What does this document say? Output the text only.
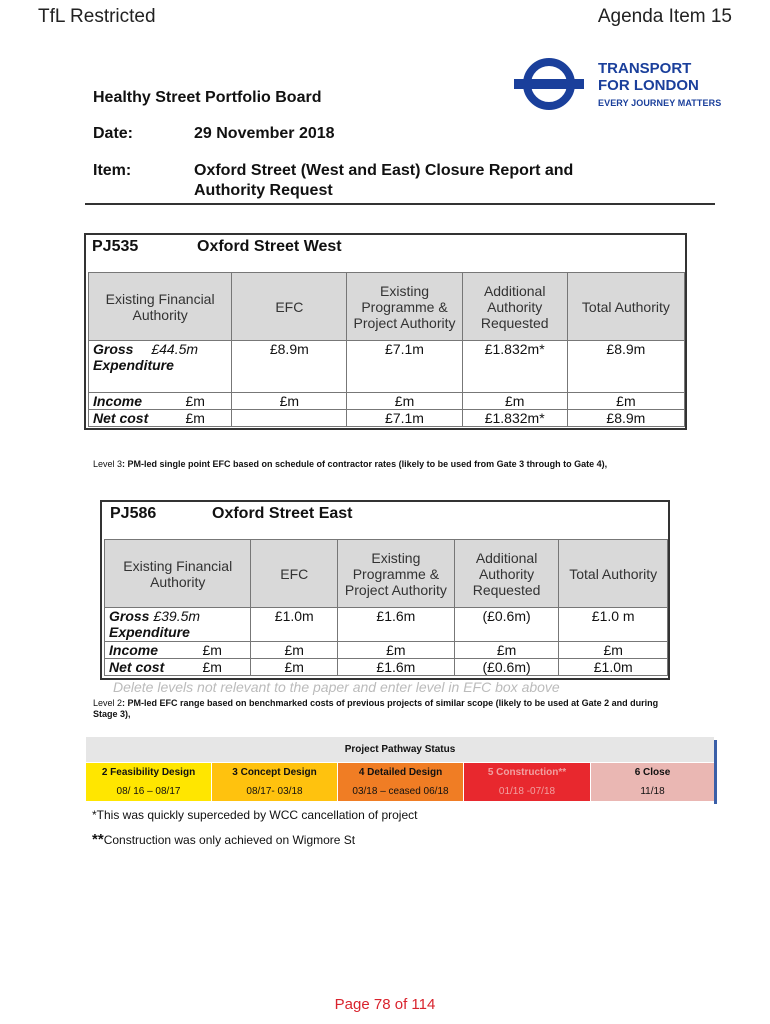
TfL Restricted	Agenda Item 15
TRANSPORT
FOR LONDON
EVERY JOURNEY MATTERS
Healthy Street Portfolio Board
Date:	29 November 2018
Item:	Oxford Street (West and East) Closure Report and
Authority Request
PJ535	Oxford Street West
Existing Financial Authority	EFC	Existing Programme & Project Authority	Additional Authority Requested	Total Authority
Gross £44.5m
Expenditure	£8.9m	£7.1m	£1.832m*	£8.9m
Income £m	£m	£m	£m	£m
Net cost £m		£7.1m	£1.832m*	£8.9m
Level 3: PM-led single point EFC based on schedule of contractor rates (likely to be used from Gate 3 through to Gate 4),
PJ586	Oxford Street East
Existing Financial Authority	EFC	Existing Programme & Project Authority	Additional Authority Requested	Total Authority
Gross £39.5m
Expenditure	£1.0m	£1.6m	(£0.6m)	£1.0 m
Income £m	£m	£m	£m	£m
Net cost £m	£m	£1.6m	(£0.6m)	£1.0m
Delete levels not relevant to the paper and enter level in EFC box above
Level 2: PM-led EFC range based on benchmarked costs of previous projects of similar scope (likely to be used at Gate 2 and during Stage 3),
Project Pathway Status
2 Feasibility Design	3 Concept Design	4 Detailed Design	5 Construction**	6 Close
08/ 16 – 08/17	08/17- 03/18	03/18 – ceased 06/18	01/18 -07/18	11/18
*This was quickly superceded by WCC cancellation of project
**Construction was only achieved on Wigmore St
Page 78 of 114
